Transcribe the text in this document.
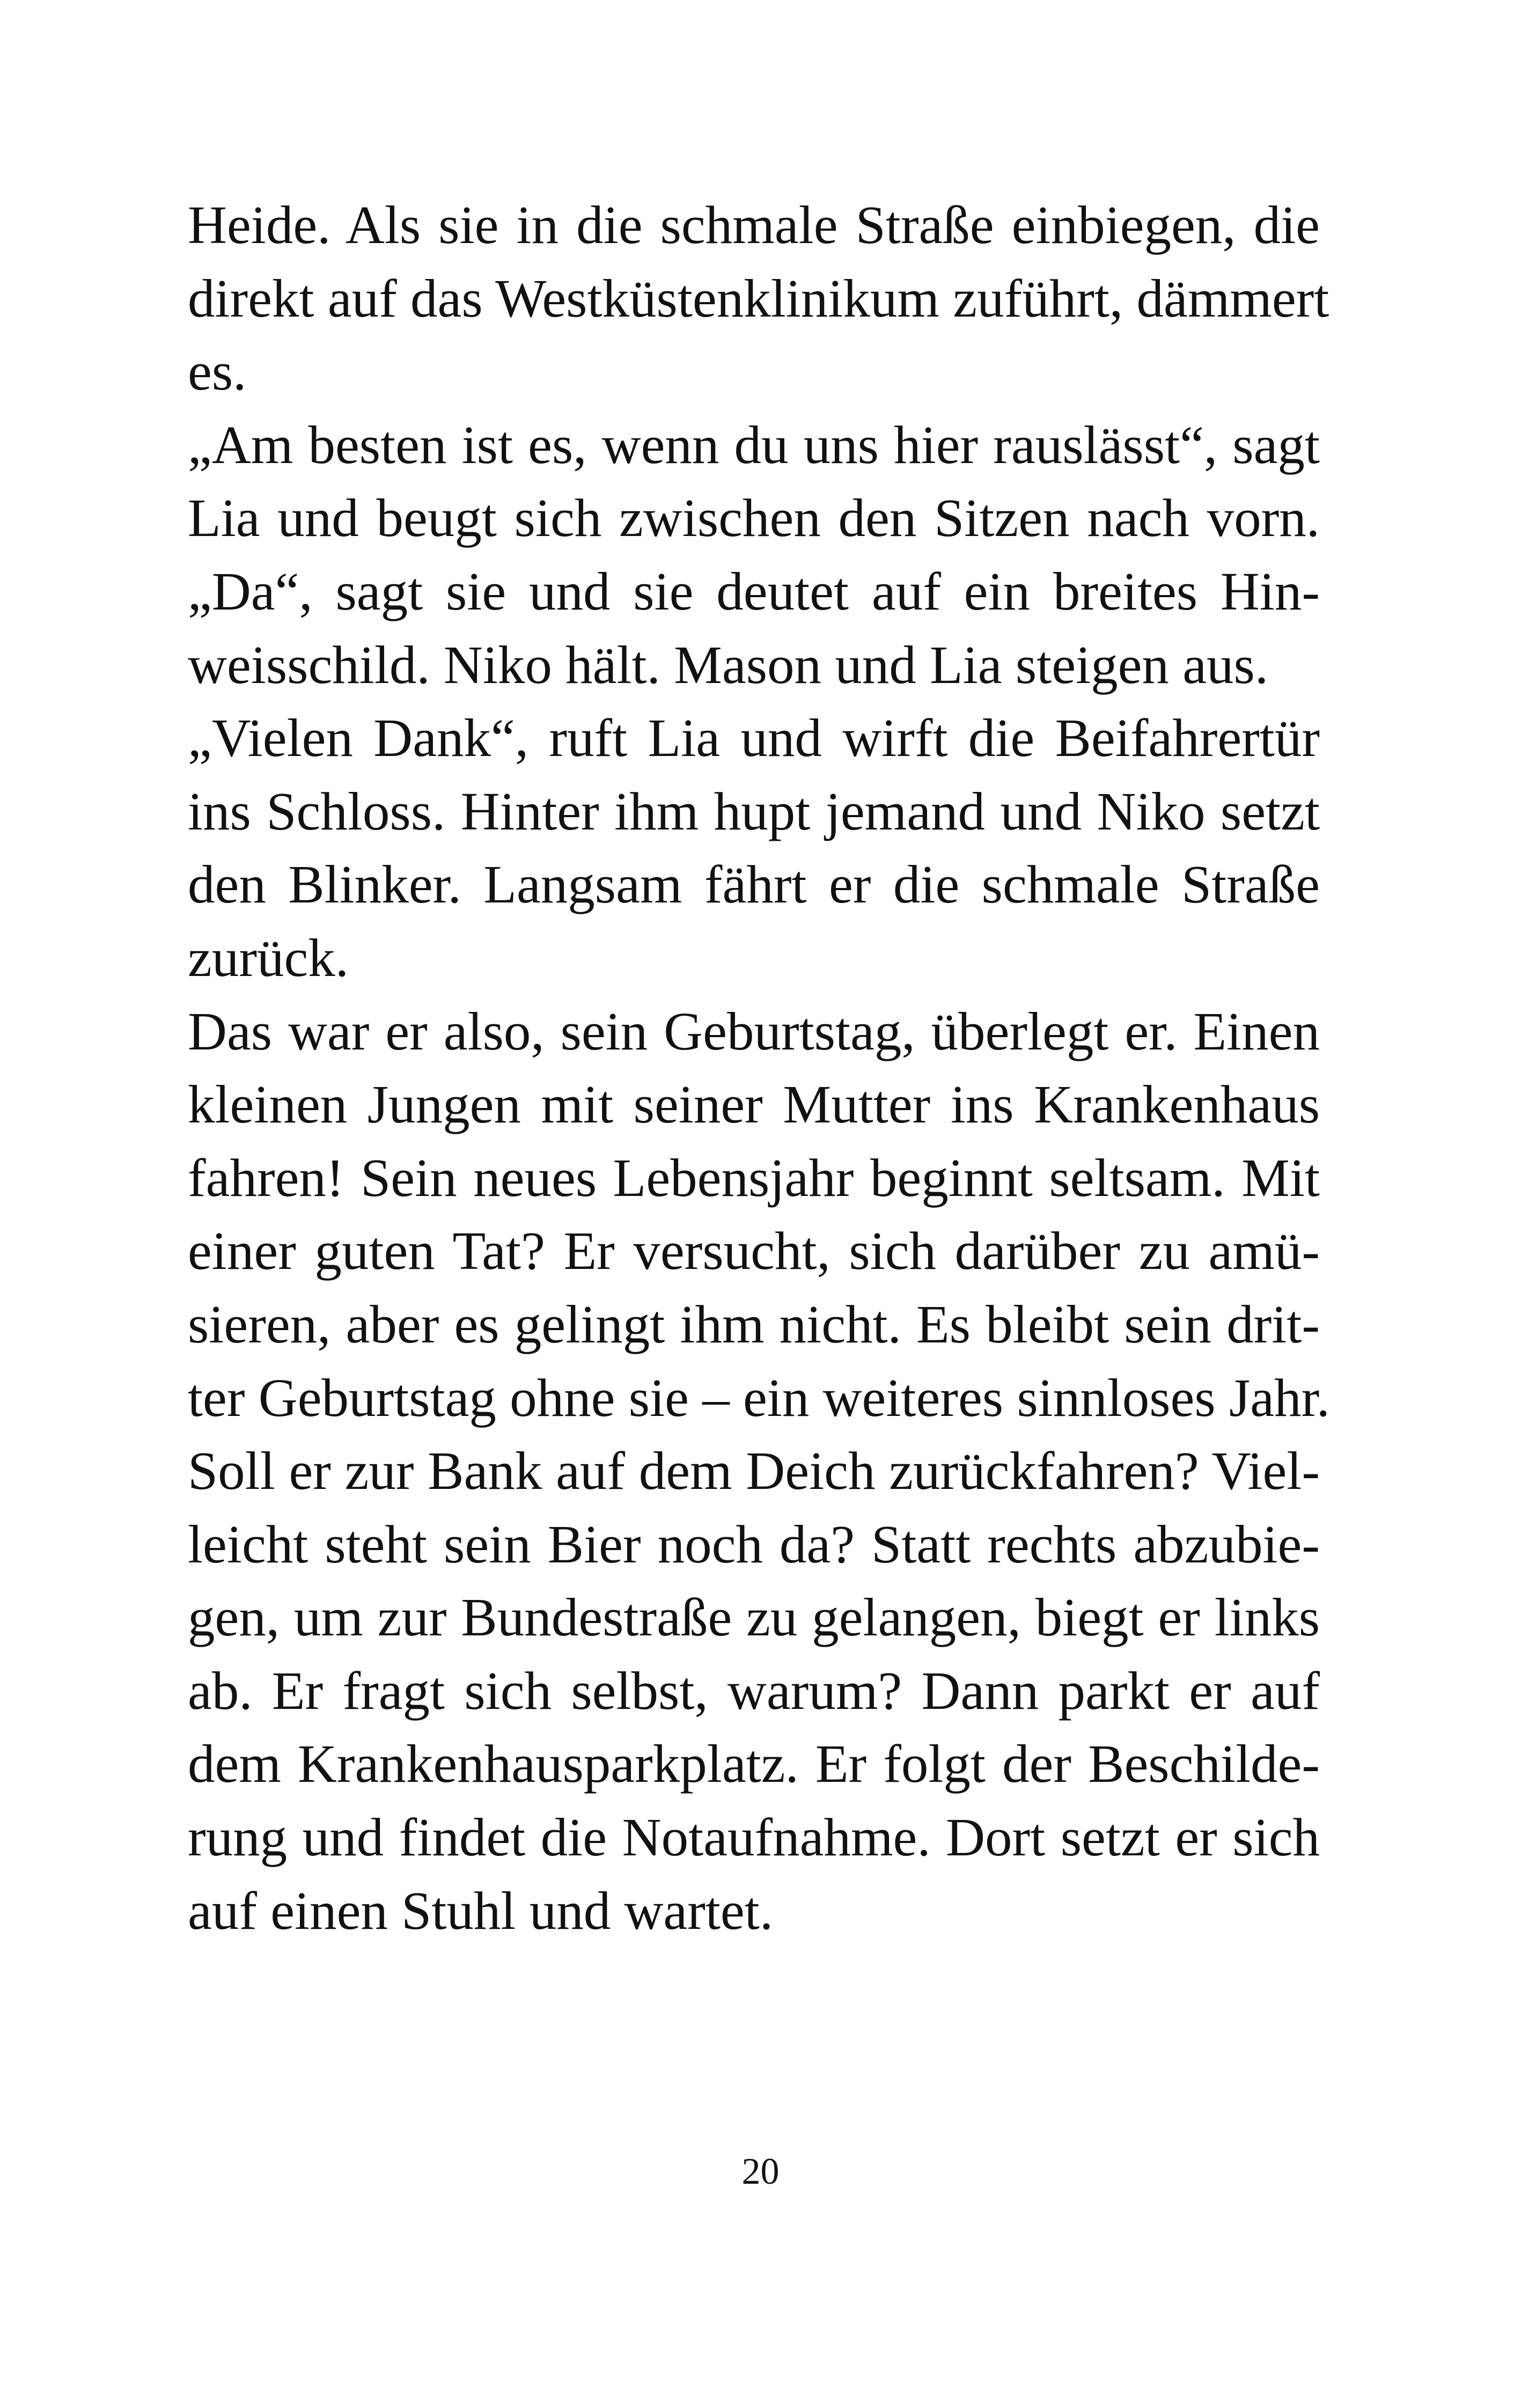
Heide. Als sie in die schmale Straße einbiegen, die
direkt auf das Westküstenklinikum zuführt, dämmert
es.
„Am besten ist es, wenn du uns hier rauslässt“, sagt
Lia und beugt sich zwischen den Sitzen nach vorn.
„Da“, sagt sie und sie deutet auf ein breites Hin-
weisschild. Niko hält. Mason und Lia steigen aus.
„Vielen Dank“, ruft Lia und wirft die Beifahrertür
ins Schloss. Hinter ihm hupt jemand und Niko setzt
den Blinker. Langsam fährt er die schmale Straße
zurück.
Das war er also, sein Geburtstag, überlegt er. Einen
kleinen Jungen mit seiner Mutter ins Krankenhaus
fahren! Sein neues Lebensjahr beginnt seltsam. Mit
einer guten Tat? Er versucht, sich darüber zu amü-
sieren, aber es gelingt ihm nicht. Es bleibt sein drit-
ter Geburtstag ohne sie – ein weiteres sinnloses Jahr.
Soll er zur Bank auf dem Deich zurückfahren? Viel-
leicht steht sein Bier noch da? Statt rechts abzubie-
gen, um zur Bundestraße zu gelangen, biegt er links
ab. Er fragt sich selbst, warum? Dann parkt er auf
dem Krankenhausparkplatz. Er folgt der Beschilde-
rung und findet die Notaufnahme. Dort setzt er sich
auf einen Stuhl und wartet.
20
